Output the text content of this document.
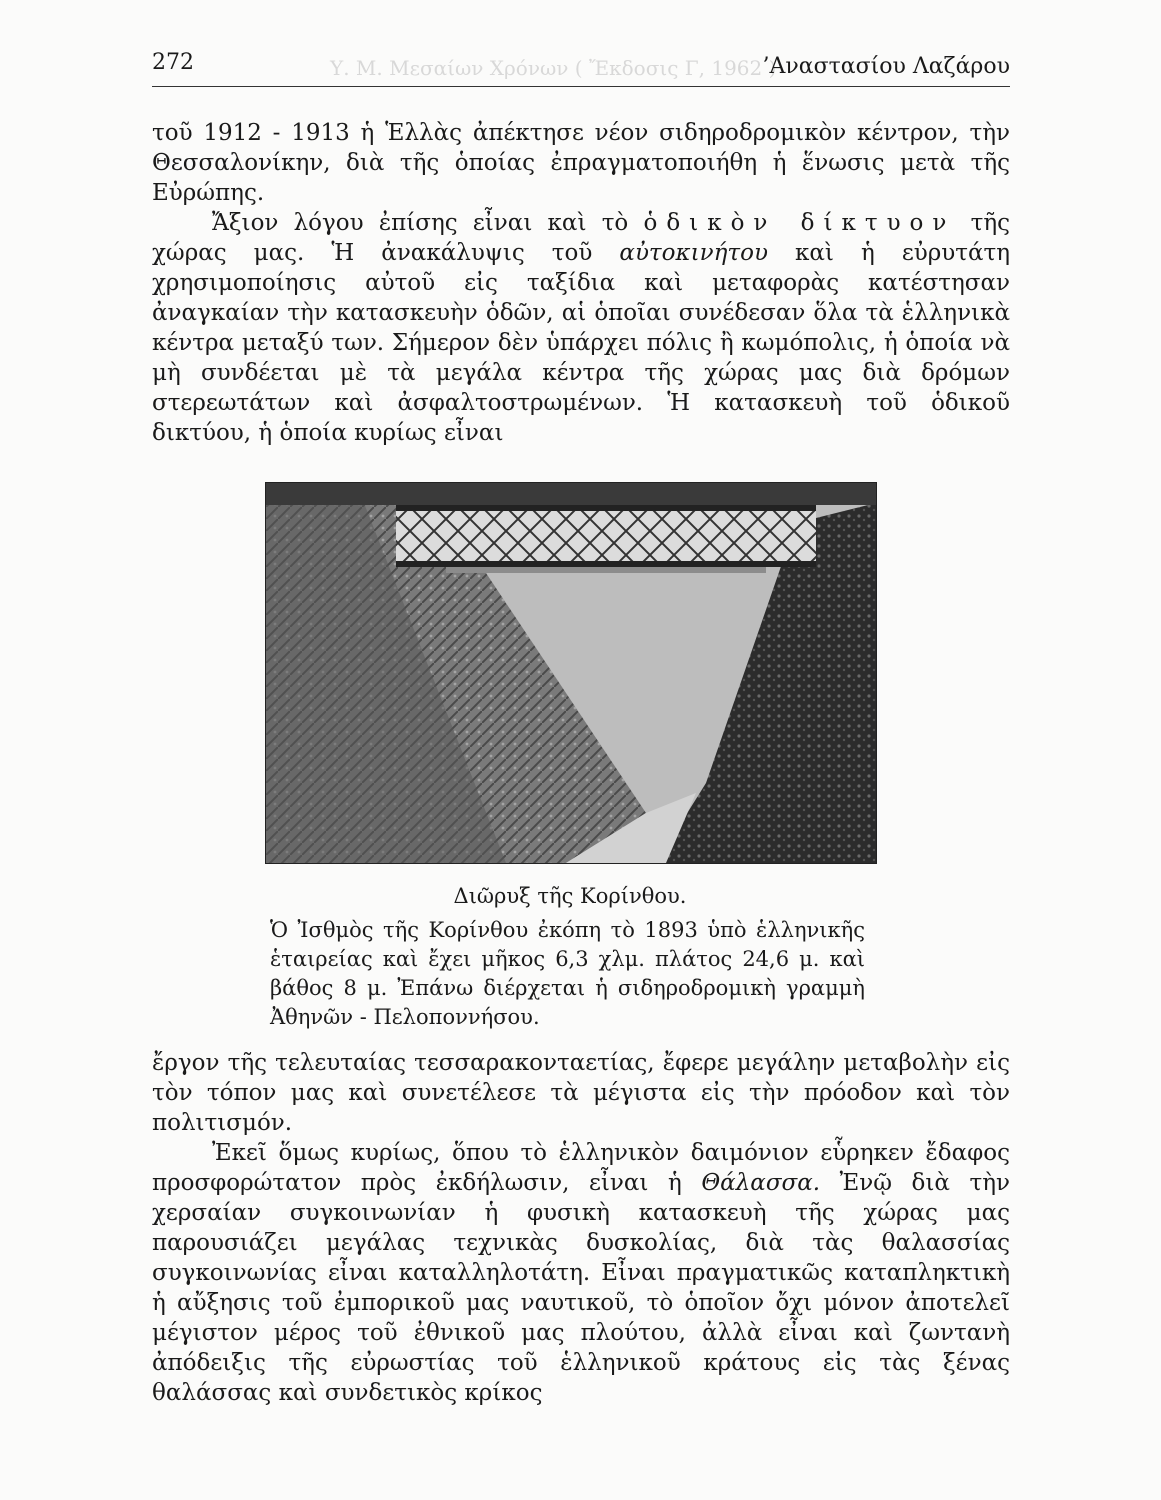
Υ. Μ. Μεσαίων Χρόνων ( Ἔκδοσις Γ, 1962 )
272	’Αναστασίου Λαζάρου

τοῦ 1912 - 1913 ἡ Ἑλλὰς ἀπέκτησε νέον σιδηροδρομικὸν κέντρον, τὴν Θεσσαλονίκην, διὰ τῆς ὁποίας ἐπραγματοποιήθη ἡ ἕνωσις μετὰ τῆς Εὐρώπης.

Ἄξιον λόγου ἐπίσης εἶναι καὶ τὸ ὁδικὸν δίκτυον τῆς χώρας μας. Ἡ ἀνακάλυψις τοῦ αὐτοκινήτου καὶ ἡ εὐρυτάτη χρησιμοποίησις αὐτοῦ εἰς ταξίδια καὶ μεταφορὰς κατέστησαν ἀναγκαίαν τὴν κατασκευὴν ὁδῶν, αἱ ὁποῖαι συνέδεσαν ὅλα τὰ ἑλληνικὰ κέντρα μεταξύ των. Σήμερον δὲν ὑπάρχει πόλις ἢ κωμόπολις, ἡ ὁποία νὰ μὴ συνδέεται μὲ τὰ μεγάλα κέντρα τῆς χώρας μας διὰ δρόμων στερεωτάτων καὶ ἀσφαλτοστρωμένων. Ἡ κατασκευὴ τοῦ ὁδικοῦ δικτύου, ἡ ὁποία κυρίως εἶναι

Διῶρυξ τῆς Κορίνθου.

Ὁ Ἰσθμὸς τῆς Κορίνθου ἐκόπη τὸ 1893 ὑπὸ ἑλληνικῆς ἑταιρείας καὶ ἔχει μῆκος 6,3 χλμ. πλάτος 24,6 μ. καὶ βάθος 8 μ. Ἐπάνω διέρχεται ἡ σιδηροδρομικὴ γραμμὴ Ἀθηνῶν - Πελοποννήσου.

ἔργον τῆς τελευταίας τεσσαρακονταετίας, ἔφερε μεγάλην μεταβολὴν εἰς τὸν τόπον μας καὶ συνετέλεσε τὰ μέγιστα εἰς τὴν πρόοδον καὶ τὸν πολιτισμόν.

Ἐκεῖ ὅμως κυρίως, ὅπου τὸ ἑλληνικὸν δαιμόνιον εὗρηκεν ἔδαφος προσφορώτατον πρὸς ἐκδήλωσιν, εἶναι ἡ Θάλασσα. Ἐνῷ διὰ τὴν χερσαίαν συγκοινωνίαν ἡ φυσικὴ κατασκευὴ τῆς χώρας μας παρουσιάζει μεγάλας τεχνικὰς δυσκολίας, διὰ τὰς θαλασσίας συγκοινωνίας εἶναι καταλληλοτάτη. Εἶναι πραγματικῶς καταπληκτικὴ ἡ αὔξησις τοῦ ἐμπορικοῦ μας ναυτικοῦ, τὸ ὁποῖον ὄχι μόνον ἀποτελεῖ μέγιστον μέρος τοῦ ἐθνικοῦ μας πλούτου, ἀλλὰ εἶναι καὶ ζωντανὴ ἀπόδειξις τῆς εὐρωστίας τοῦ ἑλληνικοῦ κράτους εἰς τὰς ξένας θαλάσσας καὶ συνδετικὸς κρίκος
